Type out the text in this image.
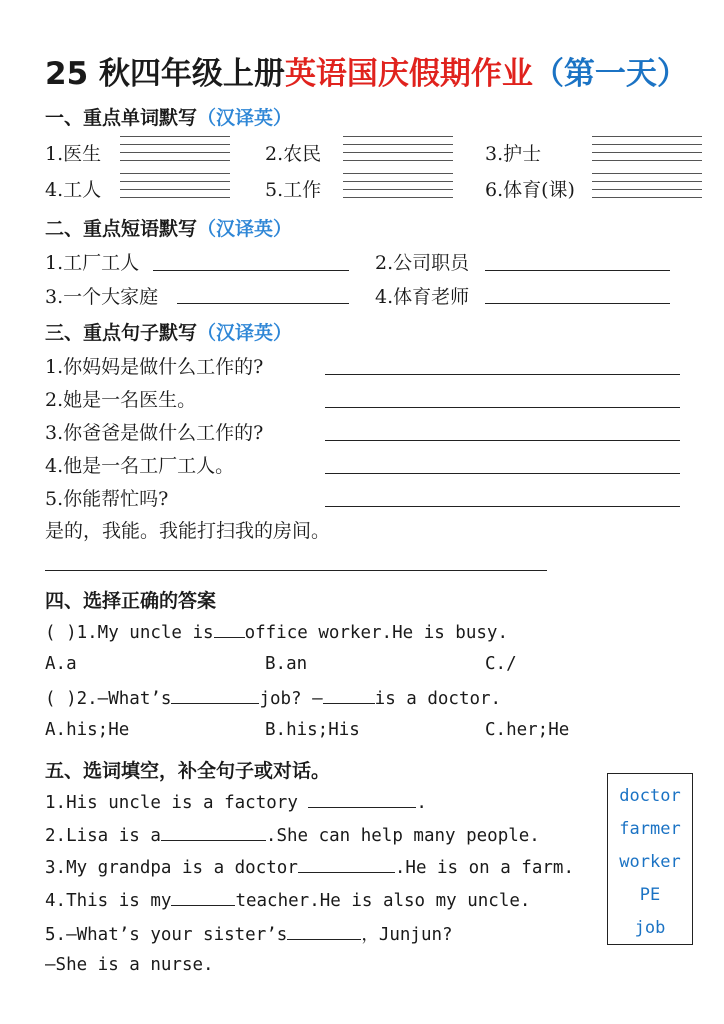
25 秋四年级上册英语国庆假期作业（第一天）
一、重点单词默写（汉译英）
1.医生	2.农民	3.护士
4.工人	5.工作	6.体育(课)
二、重点短语默写（汉译英）
1.工厂工人	2.公司职员
3.一个大家庭	4.体育老师
三、重点句子默写（汉译英）
1.你妈妈是做什么工作的?
2.她是一名医生。
3.你爸爸是做什么工作的?
4.他是一名工厂工人。
5.你能帮忙吗?
是的，我能。我能打扫我的房间。
四、选择正确的答案
( )1.My uncle is office worker.He is busy.
A.a	B.an	C./
( )2.—What’s	job? —	is a doctor.
A.his;He	B.his;His	C.her;He
五、选词填空，补全句子或对话。
1.His uncle is a factory	.
2.Lisa is a	.She can help many people.
3.My grandpa is a doctor	.He is on a farm.
4.This is my	teacher.He is also my uncle.
5.—What’s your sister’s	，Junjun?
—She is a nurse.
doctor
farmer
worker
PE
job
